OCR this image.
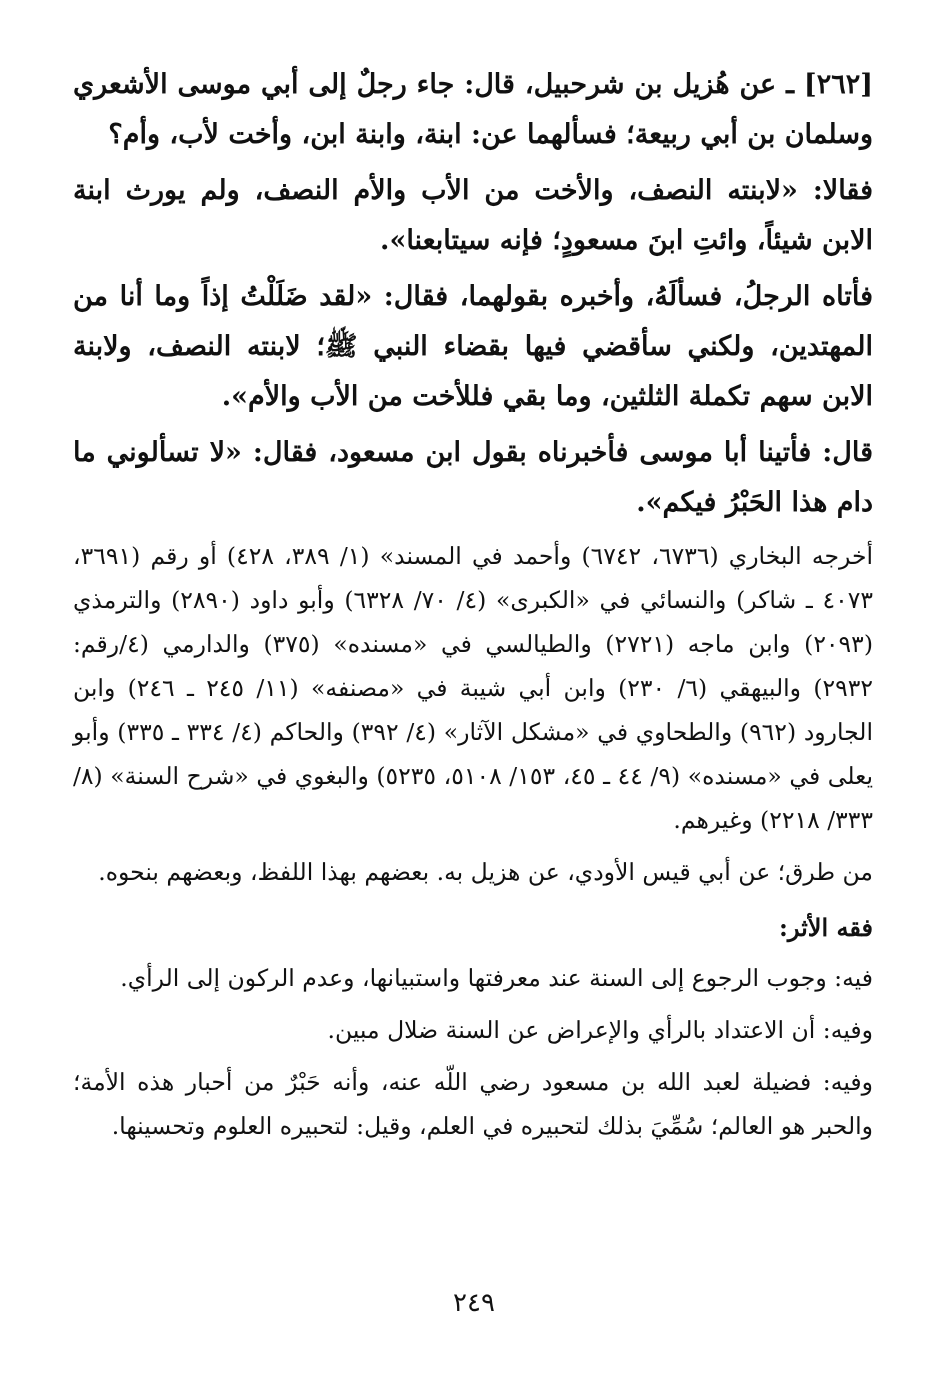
[٢٦٢] ـ عن هُزيل بن شرحبيل، قال: جاء رجلٌ إلى أبي موسى الأشعري وسلمان بن أبي ربيعة؛ فسألهما عن: ابنة، وابنة ابن، وأخت لأب، وأم؟

فقالا: «لابنته النصف، والأخت من الأب والأم النصف، ولم يورث ابنة الابن شيئاً، وائتِ ابنَ مسعودٍ؛ فإنه سيتابعنا».

فأتاه الرجلُ، فسألَهُ، وأخبره بقولهما، فقال: «لقد ضَلَلْتُ إذاً وما أنا من المهتدين، ولكني سأقضي فيها بقضاء النبي ﷺ؛ لابنته النصف، ولابنة الابن سهم تكملة الثلثين، وما بقي فللأخت من الأب والأم».

قال: فأتينا أبا موسى فأخبرناه بقول ابن مسعود، فقال: «لا تسألوني ما دام هذا الحَبْرُ فيكم».

أخرجه البخاري (٦٧٣٦، ٦٧٤٢) وأحمد في المسند» (١/ ٣٨٩، ٤٢٨) أو رقم (٣٦٩١، ٤٠٧٣ ـ شاكر) والنسائي في «الكبرى» (٤/ ٧٠/ ٦٣٢٨) وأبو داود (٢٨٩٠) والترمذي (٢٠٩٣) وابن ماجه (٢٧٢١) والطيالسي في «مسنده» (٣٧٥) والدارمي (٤/رقم: ٢٩٣٢) والبيهقي (٦/ ٢٣٠) وابن أبي شيبة في «مصنفه» (١١/ ٢٤٥ ـ ٢٤٦) وابن الجارود (٩٦٢) والطحاوي في «مشكل الآثار» (٤/ ٣٩٢) والحاكم (٤/ ٣٣٤ ـ ٣٣٥) وأبو يعلى في «مسنده» (٩/ ٤٤ ـ ٤٥، ١٥٣/ ٥١٠٨، ٥٢٣٥) والبغوي في «شرح السنة» (٨/ ٣٣٣/ ٢٢١٨) وغيرهم.

من طرق؛ عن أبي قيس الأودي، عن هزيل به. بعضهم بهذا اللفظ، وبعضهم بنحوه.

فقه الأثر:

فيه: وجوب الرجوع إلى السنة عند معرفتها واستبيانها، وعدم الركون إلى الرأي.

وفيه: أن الاعتداد بالرأي والإعراض عن السنة ضلال مبين.

وفيه: فضيلة لعبد الله بن مسعود رضي اللّه عنه، وأنه حَبْرٌ من أحبار هذه الأمة؛ والحبر هو العالم؛ سُمِّيَ بذلك لتحبيره في العلم، وقيل: لتحبيره العلوم وتحسينها.

٢٤٩
